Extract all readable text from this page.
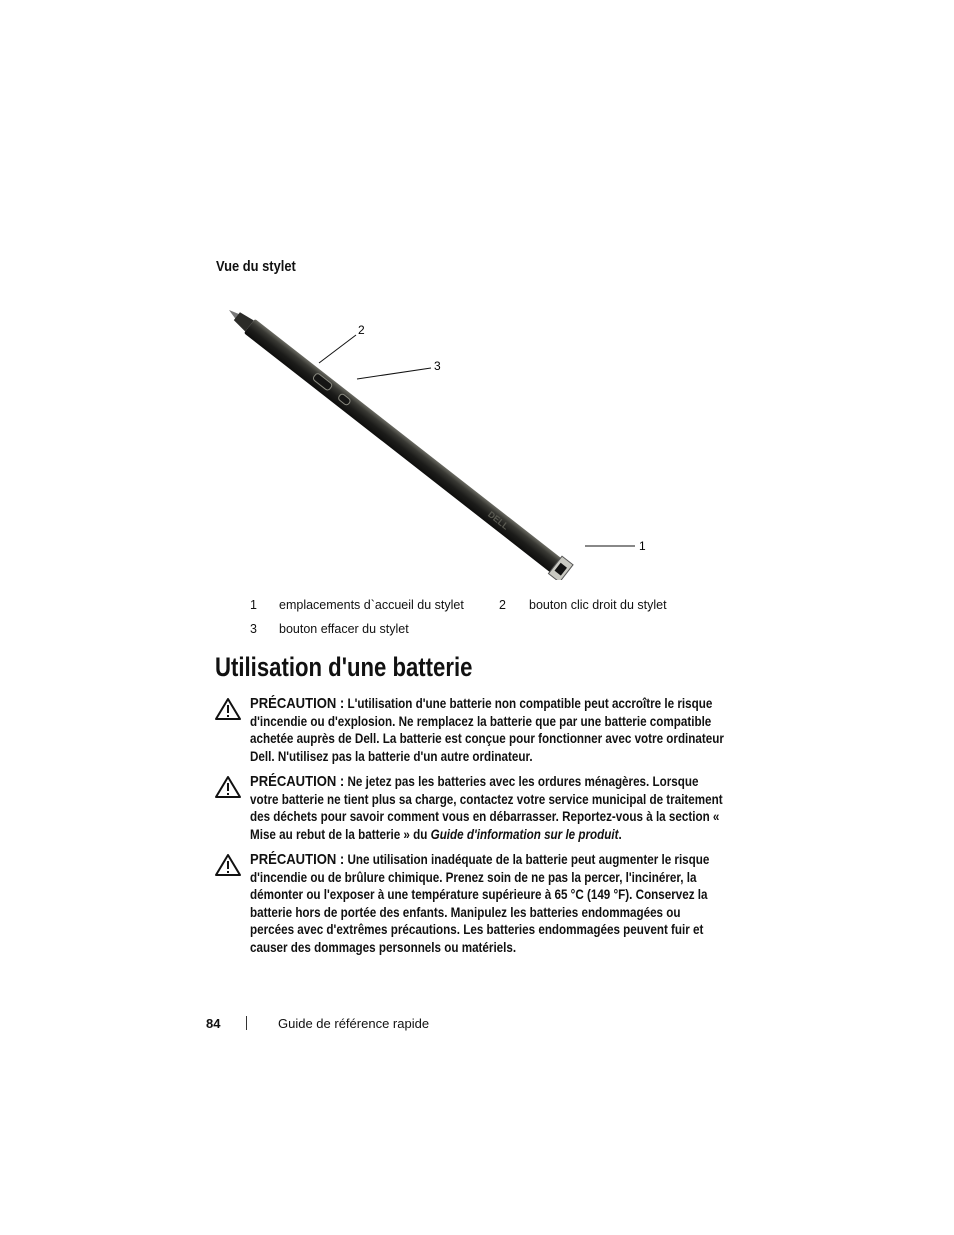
Vue du stylet
DELL
2
3
1
1	emplacements d`accueil du stylet	2 bouton clic droit du stylet
3	bouton effacer du stylet
Utilisation d'une batterie

PRÉCAUTION : L'utilisation d'une batterie non compatible peut accroître le risque d'incendie ou d'explosion. Ne remplacez la batterie que par une batterie compatible achetée auprès de Dell. La batterie est conçue pour fonctionner avec votre ordinateur Dell. N'utilisez pas la batterie d'un autre ordinateur.

PRÉCAUTION : Ne jetez pas les batteries avec les ordures ménagères. Lorsque votre batterie ne tient plus sa charge, contactez votre service municipal de traitement des déchets pour savoir comment vous en débarrasser. Reportez-vous à la section « Mise au rebut de la batterie » du Guide d'information sur le produit.

PRÉCAUTION : Une utilisation inadéquate de la batterie peut augmenter le risque d'incendie ou de brûlure chimique. Prenez soin de ne pas la percer, l'incinérer, la démonter ou l'exposer à une température supérieure à 65 °C (149 °F). Conservez la batterie hors de portée des enfants. Manipulez les batteries endommagées ou percées avec d'extrêmes précautions. Les batteries endommagées peuvent fuir et causer des dommages personnels ou matériels.

84	Guide de référence rapide
